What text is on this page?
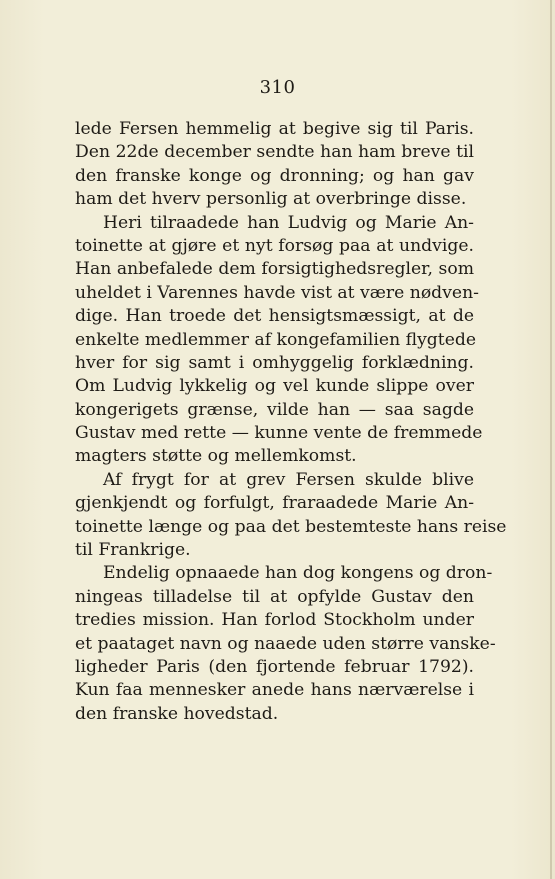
310
lede Fersen hemmelig at begive sig til Paris.
Den 22de december sendte han ham breve til
den franske konge og dronning; og han gav
ham det hverv personlig at overbringe disse.
Heri tilraadede han Ludvig og Marie An-
toinette at gjøre et nyt forsøg paa at undvige.
Han anbefalede dem forsigtighedsregler, som
uheldet i Varennes havde vist at være nødven-
dige. Han troede det hensigtsmæssigt, at de
enkelte medlemmer af kongefamilien flygtede
hver for sig samt i omhyggelig forklædning.
Om Ludvig lykkelig og vel kunde slippe over
kongerigets grænse, vilde han — saa sagde
Gustav med rette — kunne vente de fremmede
magters støtte og mellemkomst.
Af frygt for at grev Fersen skulde blive
gjenkjendt og forfulgt, fraraadede Marie An-
toinette længe og paa det bestemteste hans reise
til Frankrige.
Endelig opnaaede han dog kongens og dron-
ningeas tilladelse til at opfylde Gustav den
tredies mission. Han forlod Stockholm under
et paataget navn og naaede uden større vanske-
ligheder Paris (den fjortende februar 1792).
Kun faa mennesker anede hans nærværelse i
den franske hovedstad.
